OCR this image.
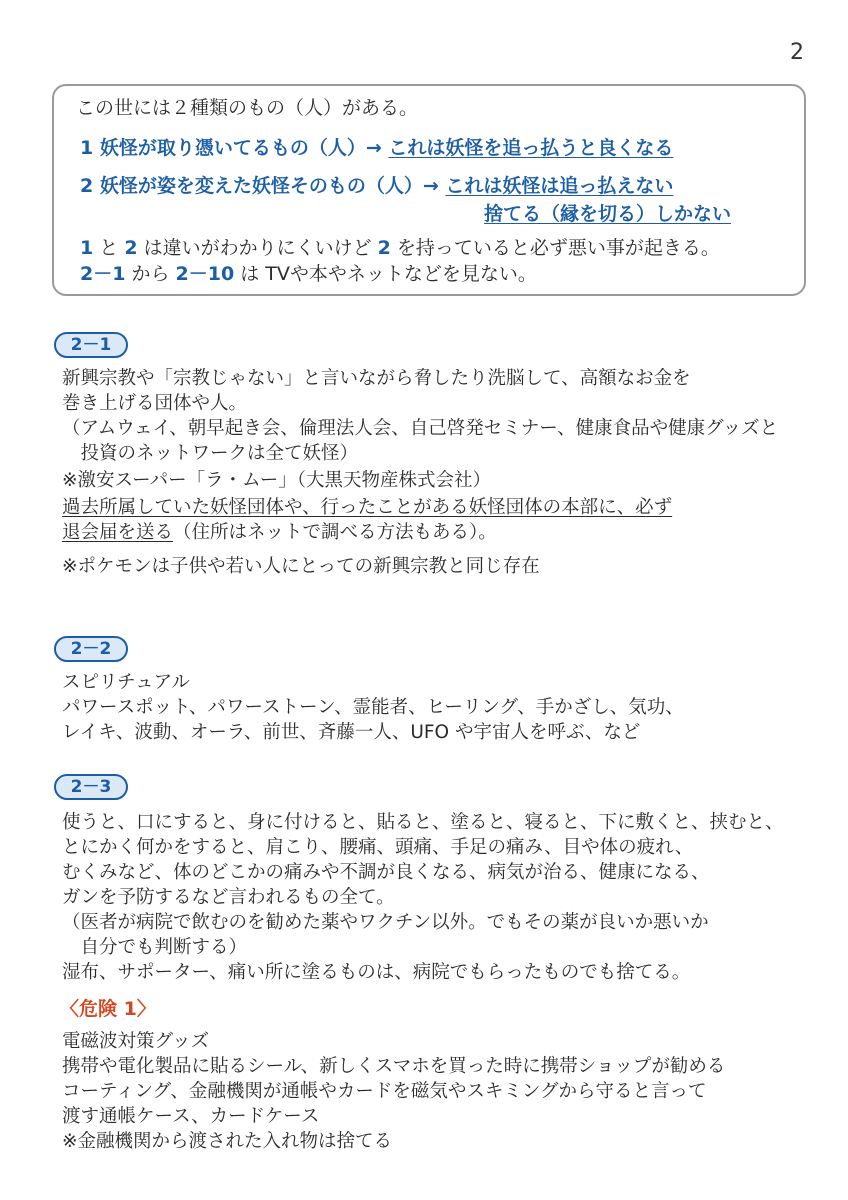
2
この世には２種類のもの（人）がある。
1 妖怪が取り憑いてるもの（人）→ これは妖怪を追っ払うと良くなる
2 妖怪が姿を変えた妖怪そのもの（人）→ これは妖怪は追っ払えない
捨てる（縁を切る）しかない
1 と 2 は違いがわかりにくいけど 2 を持っていると必ず悪い事が起きる。
2－1 から 2－10 は TVや本やネットなどを見ない。
2－1
新興宗教や「宗教じゃない」と言いながら脅したり洗脳して、高額なお金を
巻き上げる団体や人。
（アムウェイ、朝早起き会、倫理法人会、自己啓発セミナー、健康食品や健康グッズと
　投資のネットワークは全て妖怪）
※激安スーパー「ラ・ムー」（大黒天物産株式会社）
過去所属していた妖怪団体や、行ったことがある妖怪団体の本部に、必ず
退会届を送る（住所はネットで調べる方法もある）。
※ポケモンは子供や若い人にとっての新興宗教と同じ存在
2－2
スピリチュアル
パワースポット、パワーストーン、霊能者、ヒーリング、手かざし、気功、
レイキ、波動、オーラ、前世、斉藤一人、UFO や宇宙人を呼ぶ、など
2－3
使うと、口にすると、身に付けると、貼ると、塗ると、寝ると、下に敷くと、挟むと、
とにかく何かをすると、肩こり、腰痛、頭痛、手足の痛み、目や体の疲れ、
むくみなど、体のどこかの痛みや不調が良くなる、病気が治る、健康になる、
ガンを予防するなど言われるもの全て。
（医者が病院で飲むのを勧めた薬やワクチン以外。でもその薬が良いか悪いか
　自分でも判断する）
湿布、サポーター、痛い所に塗るものは、病院でもらったものでも捨てる。
〈危険 1〉
電磁波対策グッズ
携帯や電化製品に貼るシール、新しくスマホを買った時に携帯ショップが勧める
コーティング、金融機関が通帳やカードを磁気やスキミングから守ると言って
渡す通帳ケース、カードケース
※金融機関から渡された入れ物は捨てる
